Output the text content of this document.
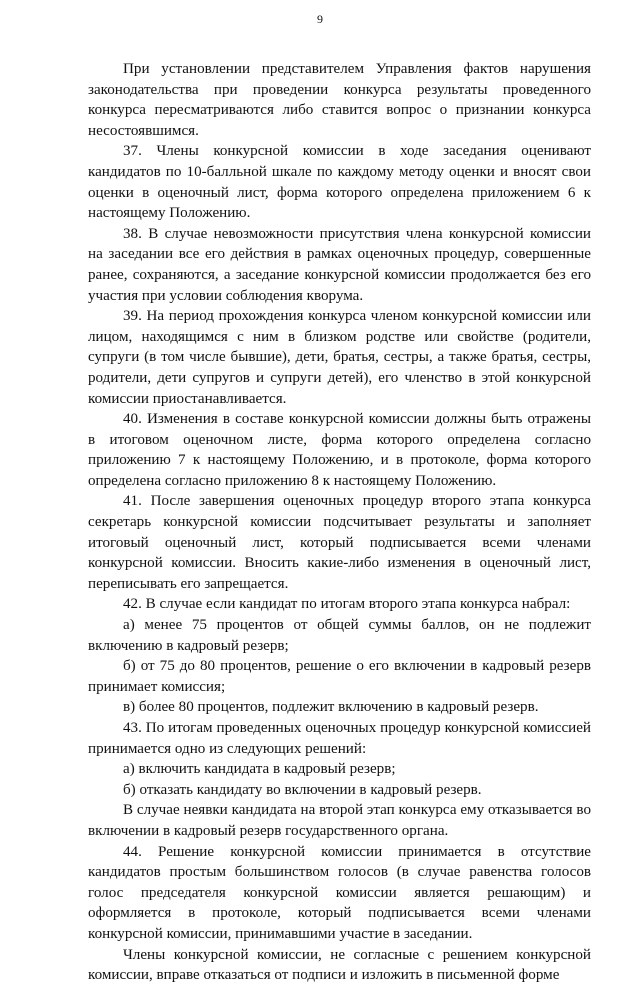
9

При установлении представителем Управления фактов нарушения законодательства при проведении конкурса результаты проведенного конкурса пересматриваются либо ставится вопрос о признании конкурса несостоявшимся.

37. Члены конкурсной комиссии в ходе заседания оценивают кандидатов по 10-балльной шкале по каждому методу оценки и вносят свои оценки в оценочный лист, форма которого определена приложением 6 к настоящему Положению.

38. В случае невозможности присутствия члена конкурсной комиссии на заседании все его действия в рамках оценочных процедур, совершенные ранее, сохраняются, а заседание конкурсной комиссии продолжается без его участия при условии соблюдения кворума.

39. На период прохождения конкурса членом конкурсной комиссии или лицом, находящимся с ним в близком родстве или свойстве (родители, супруги (в том числе бывшие), дети, братья, сестры, а также братья, сестры, родители, дети супругов и супруги детей), его членство в этой конкурсной комиссии приостанавливается.

40. Изменения в составе конкурсной комиссии должны быть отражены в итоговом оценочном листе, форма которого определена согласно приложению 7 к настоящему Положению, и в протоколе, форма которого определена согласно приложению 8 к настоящему Положению.

41. После завершения оценочных процедур второго этапа конкурса секретарь конкурсной комиссии подсчитывает результаты и заполняет итоговый оценочный лист, который подписывается всеми членами конкурсной комиссии. Вносить какие-либо изменения в оценочный лист, переписывать его запрещается.

42. В случае если кандидат по итогам второго этапа конкурса набрал:

а) менее 75 процентов от общей суммы баллов, он не подлежит включению в кадровый резерв;

б) от 75 до 80 процентов, решение о его включении в кадровый резерв принимает комиссия;

в) более 80 процентов, подлежит включению в кадровый резерв.

43. По итогам проведенных оценочных процедур конкурсной комиссией принимается одно из следующих решений:

а) включить кандидата в кадровый резерв;

б) отказать кандидату во включении в кадровый резерв.

В случае неявки кандидата на второй этап конкурса ему отказывается во включении в кадровый резерв государственного органа.

44. Решение конкурсной комиссии принимается в отсутствие кандидатов простым большинством голосов (в случае равенства голосов голос председателя конкурсной комиссии является решающим) и оформляется в протоколе, который подписывается всеми членами конкурсной комиссии, принимавшими участие в заседании.

Члены конкурсной комиссии, не согласные с решением конкурсной комиссии, вправе отказаться от подписи и изложить в письменной форме
